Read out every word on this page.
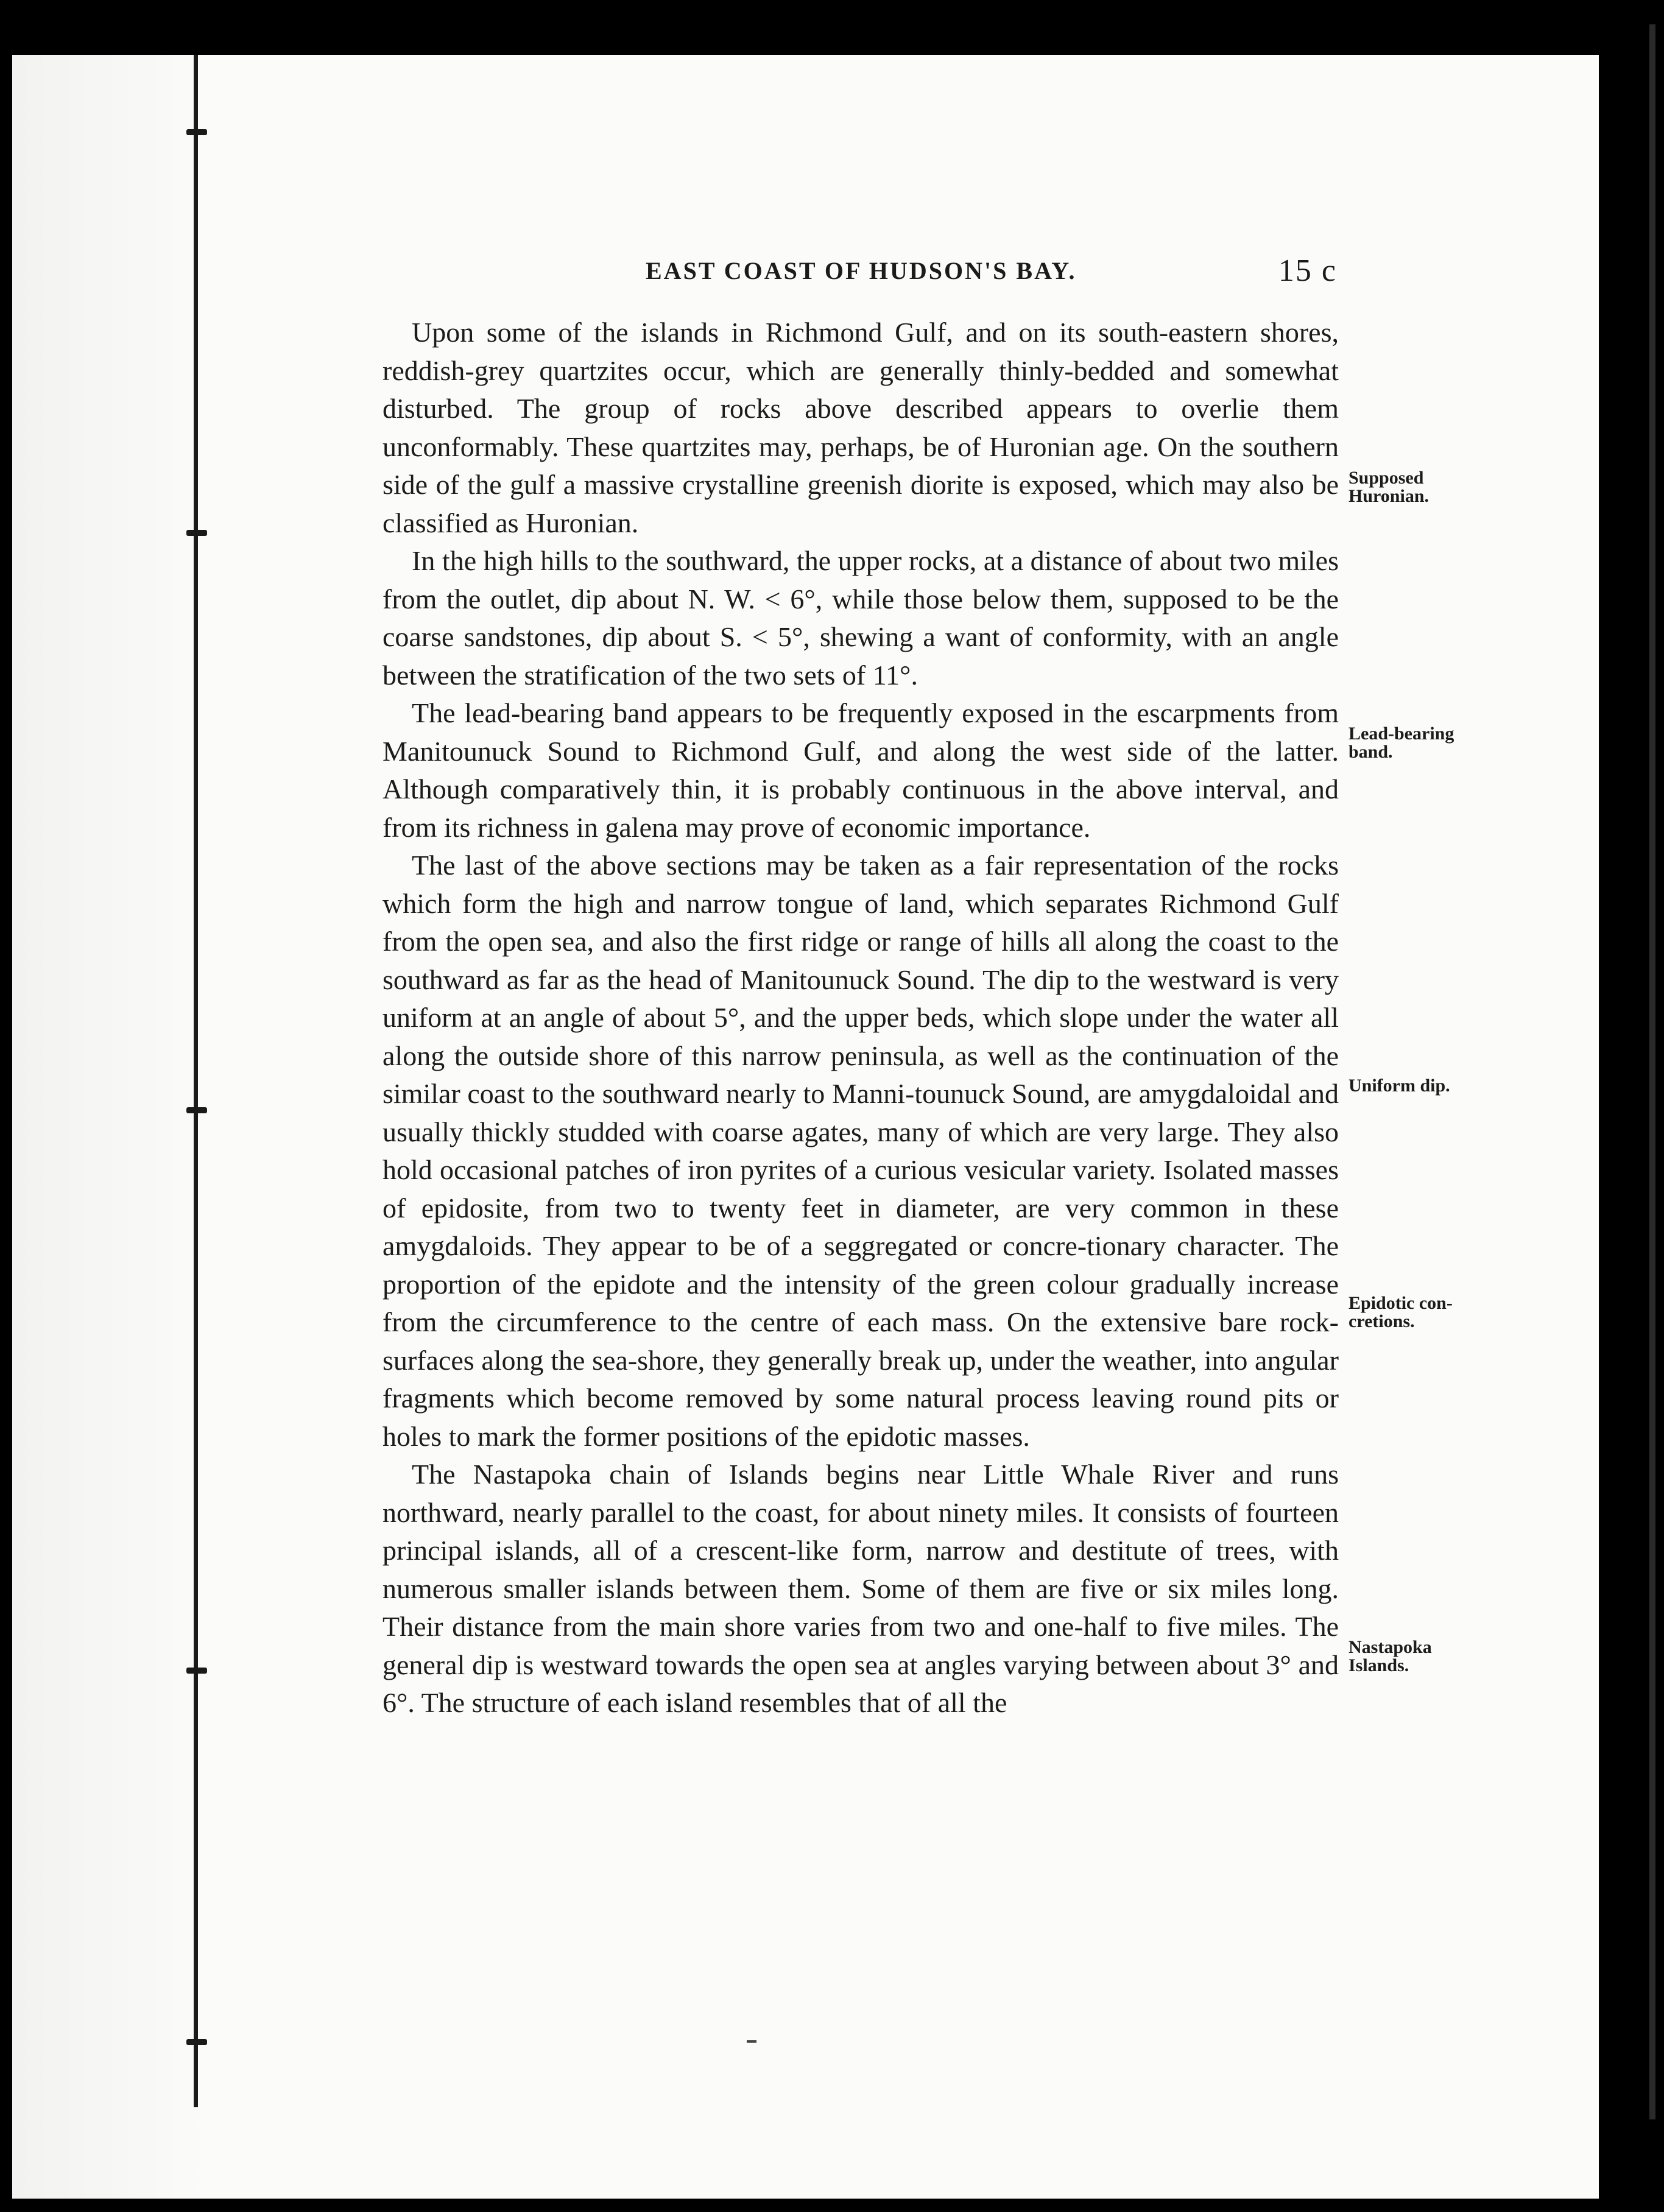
EAST COAST OF HUDSON'S BAY.	15 c

Upon some of the islands in Richmond Gulf, and on its south-eastern shores, reddish-grey quartzites occur, which are generally thinly-bedded and somewhat disturbed. The group of rocks above described appears to overlie them unconformably. These quartzites may, perhaps, be of Huronian age. On the southern side of the gulf a massive crystalline greenish diorite is exposed, which may also be classified as Huronian.

In the high hills to the southward, the upper rocks, at a distance of about two miles from the outlet, dip about N. W. < 6°, while those below them, supposed to be the coarse sandstones, dip about S. < 5°, shewing a want of conformity, with an angle between the stratification of the two sets of 11°.

The lead-bearing band appears to be frequently exposed in the escarpments from Manitounuck Sound to Richmond Gulf, and along the west side of the latter. Although comparatively thin, it is probably continuous in the above interval, and from its richness in galena may prove of economic importance.

The last of the above sections may be taken as a fair representation of the rocks which form the high and narrow tongue of land, which separates Richmond Gulf from the open sea, and also the first ridge or range of hills all along the coast to the southward as far as the head of Manitounuck Sound. The dip to the westward is very uniform at an angle of about 5°, and the upper beds, which slope under the water all along the outside shore of this narrow peninsula, as well as the continuation of the similar coast to the southward nearly to Manni-tounuck Sound, are amygdaloidal and usually thickly studded with coarse agates, many of which are very large. They also hold occasional patches of iron pyrites of a curious vesicular variety. Isolated masses of epidosite, from two to twenty feet in diameter, are very common in these amygdaloids. They appear to be of a seggregated or concre-tionary character. The proportion of the epidote and the intensity of the green colour gradually increase from the circumference to the centre of each mass. On the extensive bare rock-surfaces along the sea-shore, they generally break up, under the weather, into angular fragments which become removed by some natural process leaving round pits or holes to mark the former positions of the epidotic masses.

The Nastapoka chain of Islands begins near Little Whale River and runs northward, nearly parallel to the coast, for about ninety miles. It consists of fourteen principal islands, all of a crescent-like form, narrow and destitute of trees, with numerous smaller islands between them. Some of them are five or six miles long. Their distance from the main shore varies from two and one-half to five miles. The general dip is westward towards the open sea at angles varying between about 3° and 6°. The structure of each island resembles that of all the

Supposed
Huronian.
Lead-bearing
band.
Uniform dip.
Epidotic con-
cretions.
Nastapoka
Islands.
